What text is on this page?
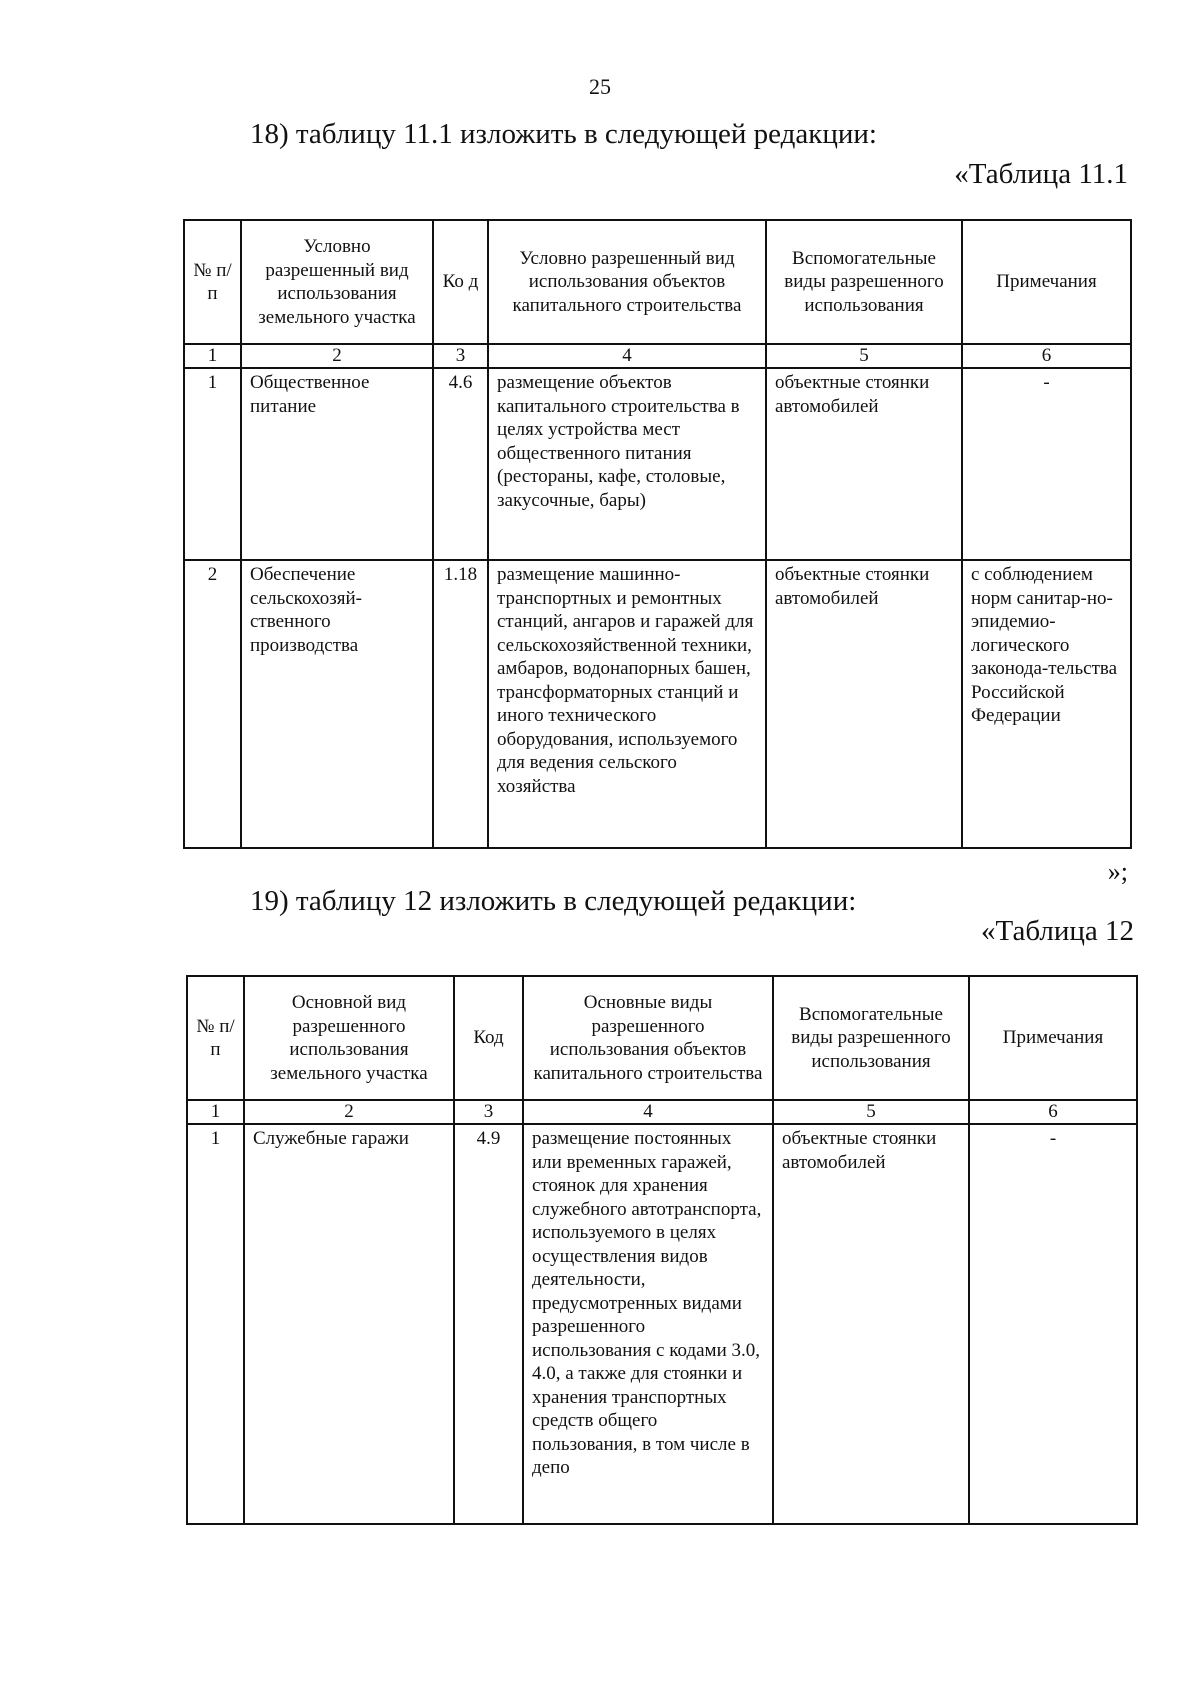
25
18) таблицу 11.1 изложить в следующей редакции:
«Таблица 11.1
№ п/п	Условно разрешенный вид использования земельного участка	Ко д	Условно разрешенный вид использования объектов капитального строительства	Вспомогательные виды разрешенного использования	Примечания
1	2	3	4	5	6
1	Общественное питание	4.6	размещение объектов капитального строительства в целях устройства мест общественного питания (рестораны, кафе, столовые, закусочные, бары)	объектные стоянки автомобилей	-
2	Обеспечение сельскохозяй-ственного производства	1.18	размещение машинно-транспортных и ремонтных станций, ангаров и гаражей для сельскохозяйственной техники, амбаров, водонапорных башен, трансформаторных станций и иного технического оборудования, используемого для ведения сельского хозяйства	объектные стоянки автомобилей	с соблюдением норм санитар-но-эпидемио-логического законода-тельства Российской Федерации
»;
19) таблицу 12 изложить в следующей редакции:
«Таблица 12
№ п/п	Основной вид разрешенного использования земельного участка	Код	Основные виды разрешенного использования объектов капитального строительства	Вспомогательные виды разрешенного использования	Примечания
1	2	3	4	5	6
1	Служебные гаражи	4.9	размещение постоянных или временных гаражей, стоянок для хранения служебного автотранспорта, используемого в целях осуществления видов деятельности, предусмотренных видами разрешенного использования с кодами 3.0, 4.0, а также для стоянки и хранения транспортных средств общего пользования, в том числе в депо	объектные стоянки автомобилей	-
